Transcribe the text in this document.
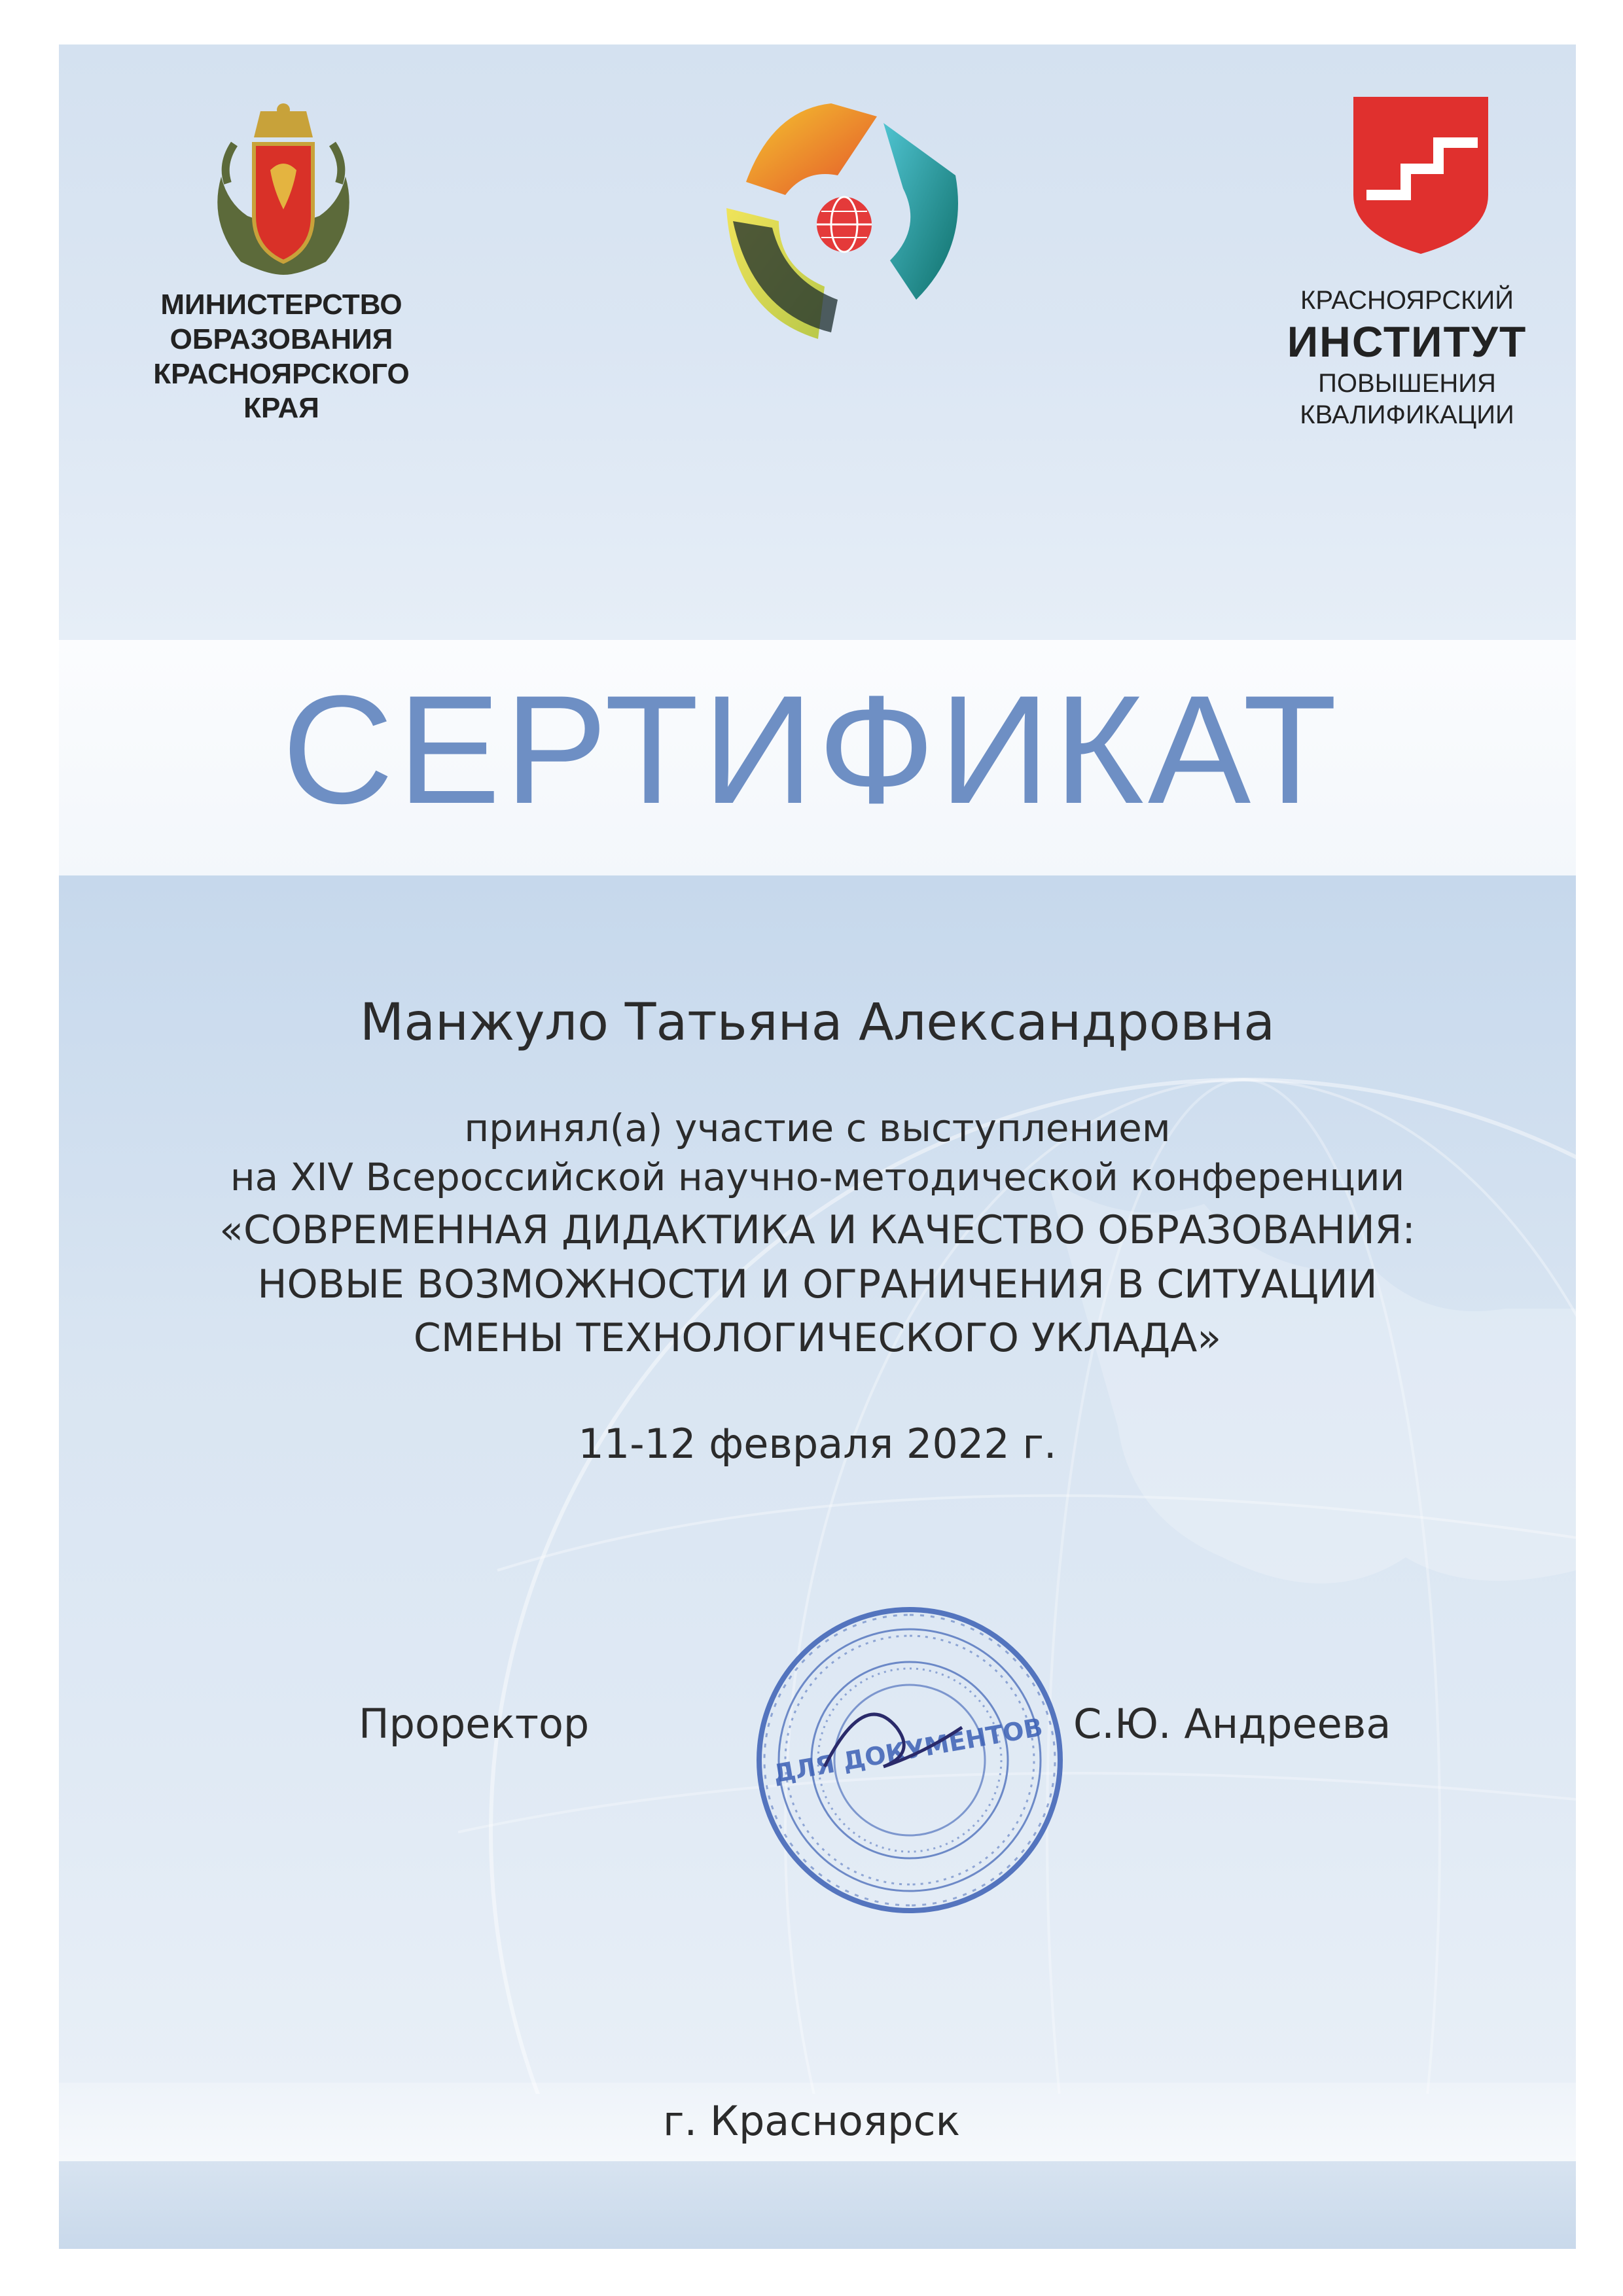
МИНИСТЕРСТВО
ОБРАЗОВАНИЯ
КРАСНОЯРСКОГО
КРАЯ
КРАСНОЯРСКИЙ
ИНСТИТУТ
ПОВЫШЕНИЯ
КВАЛИФИКАЦИИ
СЕРТИФИКАТ
Манжуло Татьяна Александровна
принял(а) участие с выступлением
на XIV Всероссийской научно-методической конференции
«СОВРЕМЕННАЯ ДИДАКТИКА И КАЧЕСТВО ОБРАЗОВАНИЯ:
НОВЫЕ ВОЗМОЖНОСТИ И ОГРАНИЧЕНИЯ В СИТУАЦИИ
СМЕНЫ ТЕХНОЛОГИЧЕСКОГО УКЛАДА»
11-12 февраля 2022 г.
Проректор	С.Ю. Андреева
ДЛЯ ДОКУМЕНТОВ
г. Красноярск
